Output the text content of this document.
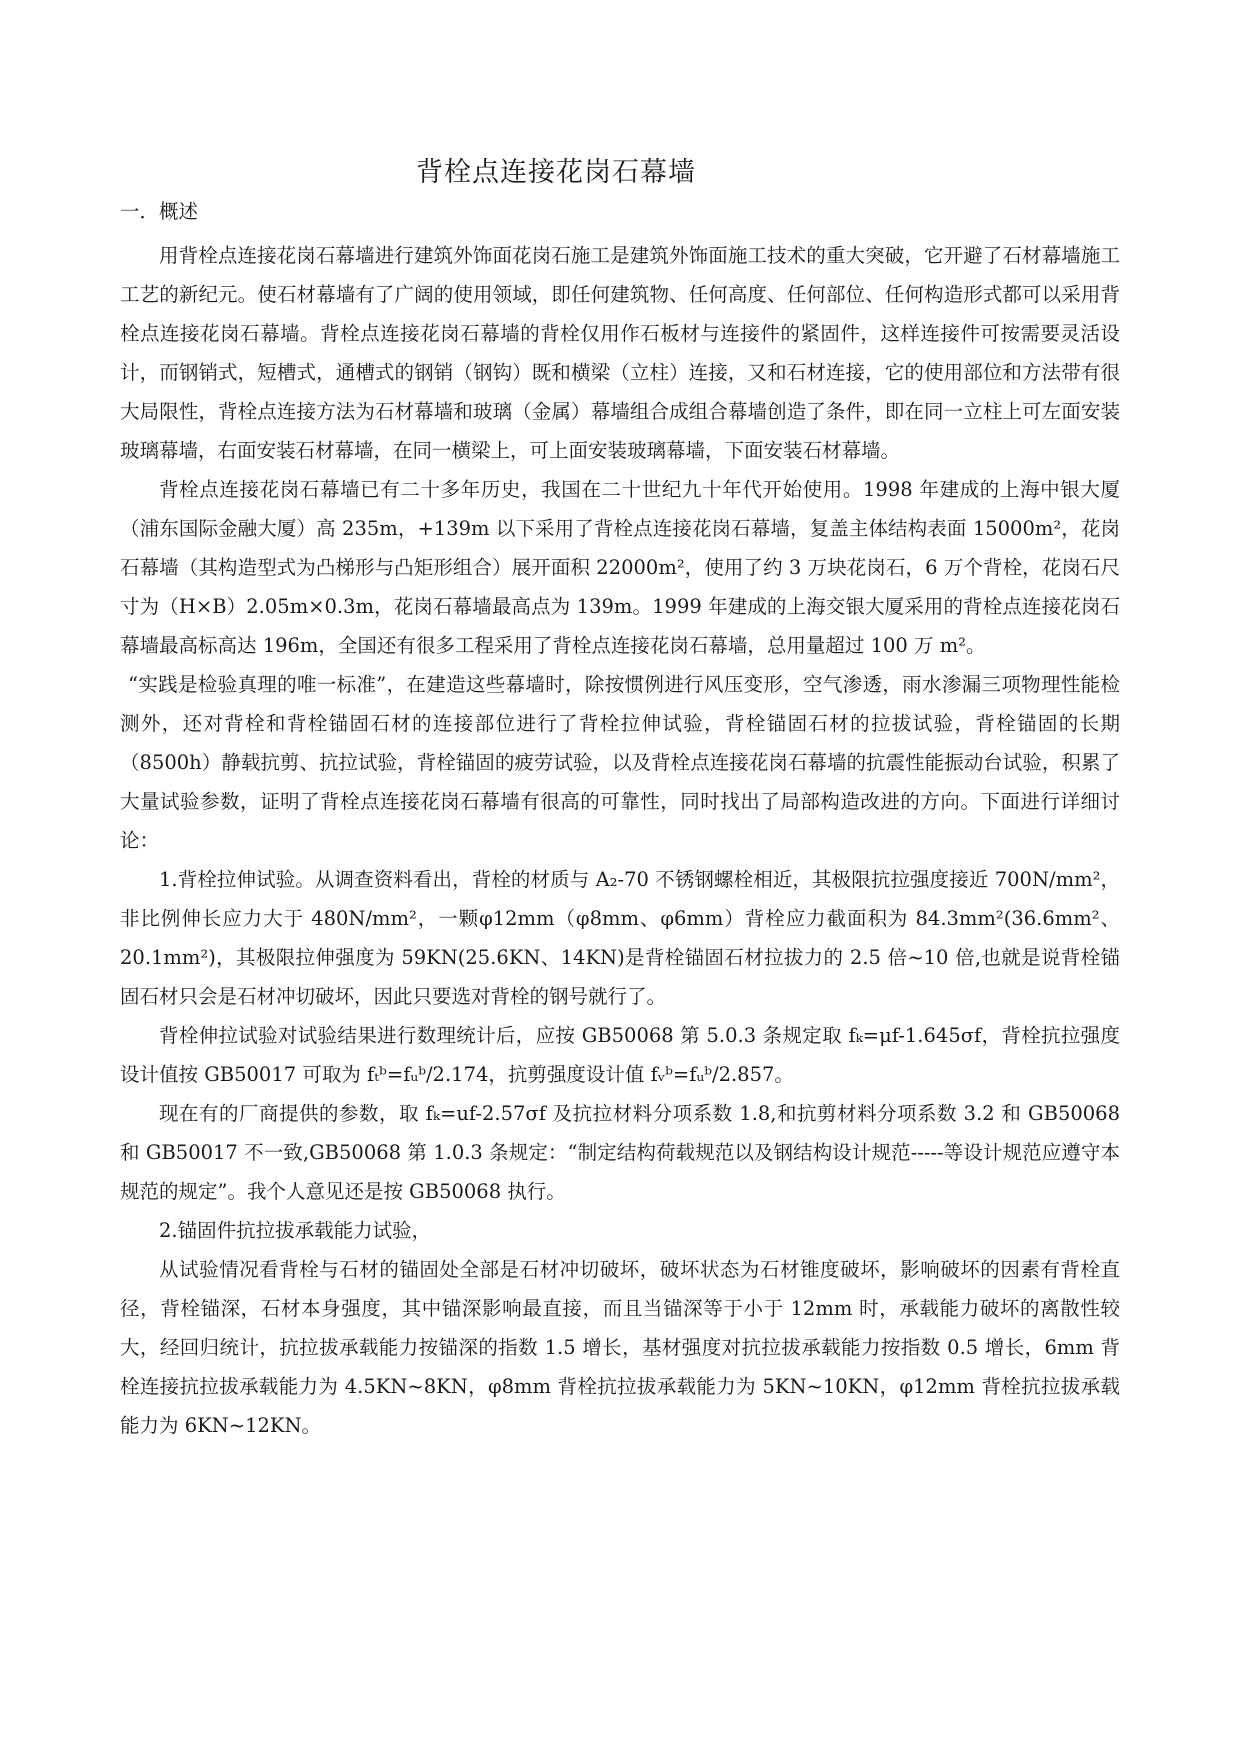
背栓点连接花岗石幕墙
一．概述

用背栓点连接花岗石幕墙进行建筑外饰面花岗石施工是建筑外饰面施工技术的重大突破，它开避了石材幕墙施工工艺的新纪元。使石材幕墙有了广阔的使用领域，即任何建筑物、任何高度、任何部位、任何构造形式都可以采用背栓点连接花岗石幕墙。背栓点连接花岗石幕墙的背栓仅用作石板材与连接件的紧固件，这样连接件可按需要灵活设计，而钢销式，短槽式，通槽式的钢销（钢钩）既和横梁（立柱）连接，又和石材连接，它的使用部位和方法带有很大局限性，背栓点连接方法为石材幕墙和玻璃（金属）幕墙组合成组合幕墙创造了条件，即在同一立柱上可左面安装玻璃幕墙，右面安装石材幕墙，在同一横梁上，可上面安装玻璃幕墙，下面安装石材幕墙。

背栓点连接花岗石幕墙已有二十多年历史，我国在二十世纪九十年代开始使用。1998 年建成的上海中银大厦（浦东国际金融大厦）高 235m，+139m 以下采用了背栓点连接花岗石幕墙，复盖主体结构表面 15000m²，花岗石幕墙（其构造型式为凸梯形与凸矩形组合）展开面积 22000m²，使用了约 3 万块花岗石，6 万个背栓，花岗石尺寸为（H×B）2.05m×0.3m，花岗石幕墙最高点为 139m。1999 年建成的上海交银大厦采用的背栓点连接花岗石幕墙最高标高达 196m，全国还有很多工程采用了背栓点连接花岗石幕墙，总用量超过 100 万 m²。

“实践是检验真理的唯一标准”，在建造这些幕墙时，除按惯例进行风压变形，空气渗透，雨水渗漏三项物理性能检测外，还对背栓和背栓锚固石材的连接部位进行了背栓拉伸试验，背栓锚固石材的拉拔试验，背栓锚固的长期（8500h）静载抗剪、抗拉试验，背栓锚固的疲劳试验，以及背栓点连接花岗石幕墙的抗震性能振动台试验，积累了大量试验参数，证明了背栓点连接花岗石幕墙有很高的可靠性，同时找出了局部构造改进的方向。下面进行详细讨论：

1.背栓拉伸试验。从调查资料看出，背栓的材质与 A₂-70 不锈钢螺栓相近，其极限抗拉强度接近 700N/mm²，非比例伸长应力大于 480N/mm²，一颗φ12mm（φ8mm、φ6mm）背栓应力截面积为 84.3mm²(36.6mm²、20.1mm²)，其极限拉伸强度为 59KN(25.6KN、14KN)是背栓锚固石材拉拔力的 2.5 倍~10 倍,也就是说背栓锚固石材只会是石材冲切破坏，因此只要选对背栓的钢号就行了。

背栓伸拉试验对试验结果进行数理统计后，应按 GB50068 第 5.0.3 条规定取 fₖ=μf-1.645σf，背栓抗拉强度设计值按 GB50017 可取为 fₜᵇ=fᵤᵇ/2.174，抗剪强度设计值 fᵥᵇ=fᵤᵇ/2.857。

现在有的厂商提供的参数，取 fₖ=uf-2.57σf 及抗拉材料分项系数 1.8,和抗剪材料分项系数 3.2 和 GB50068 和 GB50017 不一致,GB50068 第 1.0.3 条规定：“制定结构荷载规范以及钢结构设计规范-----等设计规范应遵守本规范的规定”。我个人意见还是按 GB50068 执行。

2.锚固件抗拉拔承载能力试验，

从试验情况看背栓与石材的锚固处全部是石材冲切破坏，破坏状态为石材锥度破坏，影响破坏的因素有背栓直径，背栓锚深，石材本身强度，其中锚深影响最直接，而且当锚深等于小于 12mm 时，承载能力破坏的离散性较大，经回归统计，抗拉拔承载能力按锚深的指数 1.5 增长，基材强度对抗拉拔承载能力按指数 0.5 增长，6mm 背栓连接抗拉拔承载能力为 4.5KN~8KN，φ8mm 背栓抗拉拔承载能力为 5KN~10KN，φ12mm 背栓抗拉拔承载能力为 6KN~12KN。
